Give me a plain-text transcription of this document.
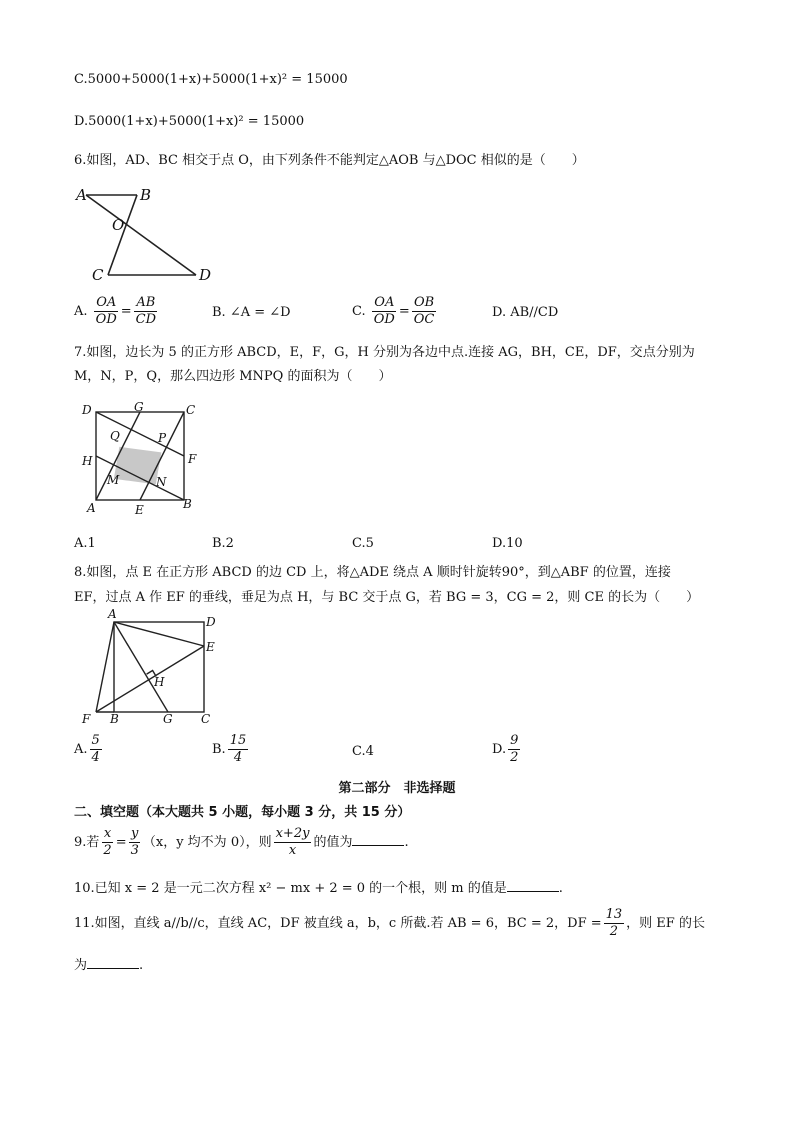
C.5000+5000(1+x)+5000(1+x)² = 15000
D.5000(1+x)+5000(1+x)² = 15000
6.如图，AD、BC 相交于点 O，由下列条件不能判定△AOB 与△DOC 相似的是（　　）
A	B
O
C	D
A. $\frac{OA}{OD} = \frac{AB}{CD}$	B. ∠A = ∠D	C. $\frac{OA}{OD} = \frac{OB}{OC}$	D. AB//CD
7.如图，边长为 5 的正方形 ABCD，E，F，G，H 分别为各边中点.连接 AG，BH，CE，DF，交点分别为
M，N，P，Q，那么四边形 MNPQ 的面积为（　　）
D	G	C
Q	P
H	F
M	N
A	E	B
A.1	B.2	C.5	D.10
8.如图，点 E 在正方形 ABCD 的边 CD 上，将△ADE 绕点 A 顺时针旋转90°，到△ABF 的位置，连接
EF，过点 A 作 EF 的垂线，垂足为点 H，与 BC 交于点 G，若 BG = 3，CG = 2，则 CE 的长为（　　）
A
D
E
H
F B	G C
A. $\frac{5}{4}$	B. $\frac{15}{4}$	C.4	D. $\frac{9}{2}$
第二部分　非选择题
二、填空题（本大题共 5 小题，每小题 3 分，共 15 分）
9.若 $\frac{x}{2} = \frac{y}{3} (x$，y 均不为 0），则 $\frac{x+2y}{x}$ 的值为	.
10.已知 x = 2 是一元二次方程 x² − mx + 2 = 0 的一个根，则 m 的值是	.
11.如图，直线 a//b//c，直线 AC，DF 被直线 a，b，c 所截.若 AB = 6，BC = 2，DF = $\frac{13}{2}$ ，则 EF 的长
为	.
